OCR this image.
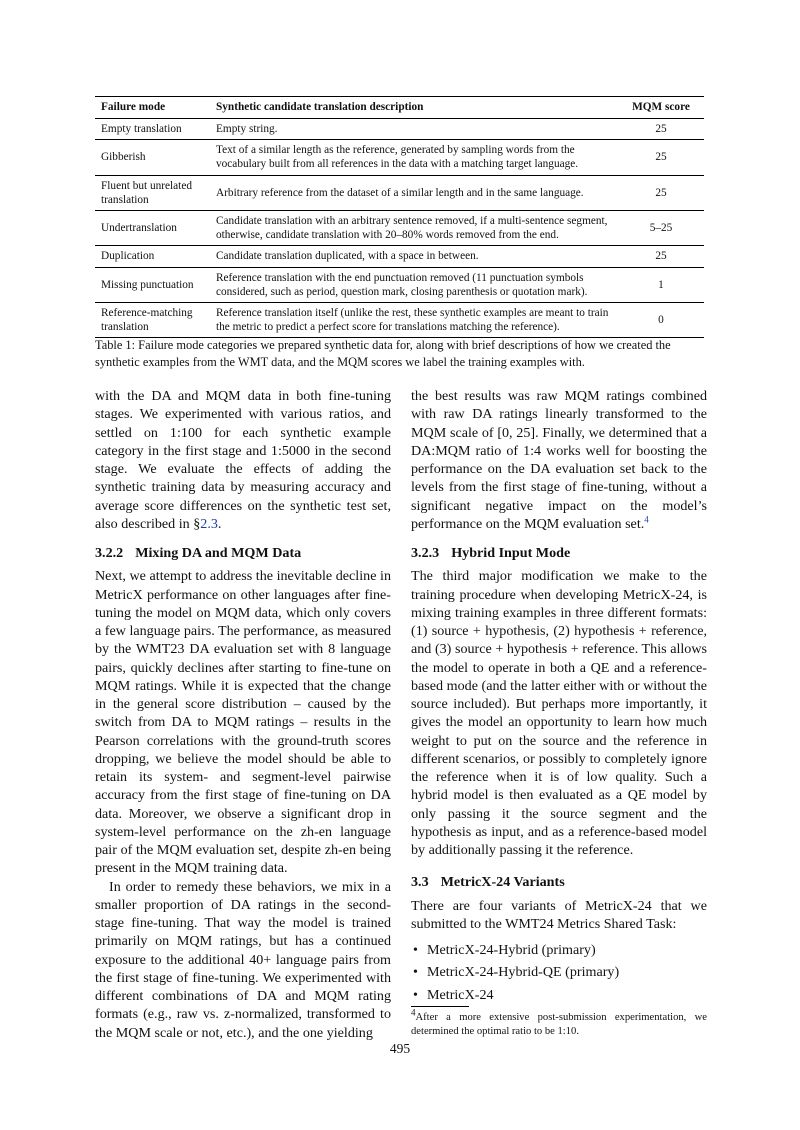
Failure mode	Synthetic candidate translation description	MQM score
Empty translation	Empty string.	25
Gibberish	Text of a similar length as the reference, generated by sampling words from the vocabulary built from all references in the data with a matching target language.	25
Fluent but unrelated translation	Arbitrary reference from the dataset of a similar length and in the same language.	25
Undertranslation	Candidate translation with an arbitrary sentence removed, if a multi-sentence segment, otherwise, candidate translation with 20–80% words removed from the end.	5–25
Duplication	Candidate translation duplicated, with a space in between.	25
Missing punctuation	Reference translation with the end punctuation removed (11 punctuation symbols considered, such as period, question mark, closing parenthesis or quotation mark).	1
Reference-matching translation	Reference translation itself (unlike the rest, these synthetic examples are meant to train the metric to predict a perfect score for translations matching the reference).	0
Table 1: Failure mode categories we prepared synthetic data for, along with brief descriptions of how we created the synthetic examples from the WMT data, and the MQM scores we label the training examples with.

with the DA and MQM data in both fine-tuning stages. We experimented with various ratios, and settled on 1:100 for each synthetic example category in the first stage and 1:5000 in the second stage. We evaluate the effects of adding the synthetic training data by measuring accuracy and average score differences on the synthetic test set, also described in §2.3.

3.2.2 Mixing DA and MQM Data

Next, we attempt to address the inevitable decline in MetricX performance on other languages after fine-tuning the model on MQM data, which only covers a few language pairs. The performance, as measured by the WMT23 DA evaluation set with 8 language pairs, quickly declines after starting to fine-tune on MQM ratings. While it is expected that the change in the general score distribution – caused by the switch from DA to MQM ratings – results in the Pearson correlations with the ground-truth scores dropping, we believe the model should be able to retain its system- and segment-level pairwise accuracy from the first stage of fine-tuning on DA data. Moreover, we observe a significant drop in system-level performance on the zh-en language pair of the MQM evaluation set, despite zh-en being present in the MQM training data.

In order to remedy these behaviors, we mix in a smaller proportion of DA ratings in the second-stage fine-tuning. That way the model is trained primarily on MQM ratings, but has a continued exposure to the additional 40+ language pairs from the first stage of fine-tuning. We experimented with different combinations of DA and MQM rating formats (e.g., raw vs. z-normalized, transformed to the MQM scale or not, etc.), and the one yielding

the best results was raw MQM ratings combined with raw DA ratings linearly transformed to the MQM scale of [0, 25]. Finally, we determined that a DA:MQM ratio of 1:4 works well for boosting the performance on the DA evaluation set back to the levels from the first stage of fine-tuning, without a significant negative impact on the model’s performance on the MQM evaluation set.$^4$

3.2.3 Hybrid Input Mode

The third major modification we make to the training procedure when developing MetricX-24, is mixing training examples in three different formats: (1) source + hypothesis, (2) hypothesis + reference, and (3) source + hypothesis + reference. This allows the model to operate in both a QE and a reference-based mode (and the latter either with or without the source included). But perhaps more importantly, it gives the model an opportunity to learn how much weight to put on the source and the reference in different scenarios, or possibly to completely ignore the reference when it is of low quality. Such a hybrid model is then evaluated as a QE model by only passing it the source segment and the hypothesis as input, and as a reference-based model by additionally passing it the reference.

3.3 MetricX-24 Variants

There are four variants of MetricX-24 that we submitted to the WMT24 Metrics Shared Task:

• MetricX-24-Hybrid (primary)
• MetricX-24-Hybrid-QE (primary)
• MetricX-24
$^4$After a more extensive post-submission experimentation, we determined the optimal ratio to be 1:10.
495
